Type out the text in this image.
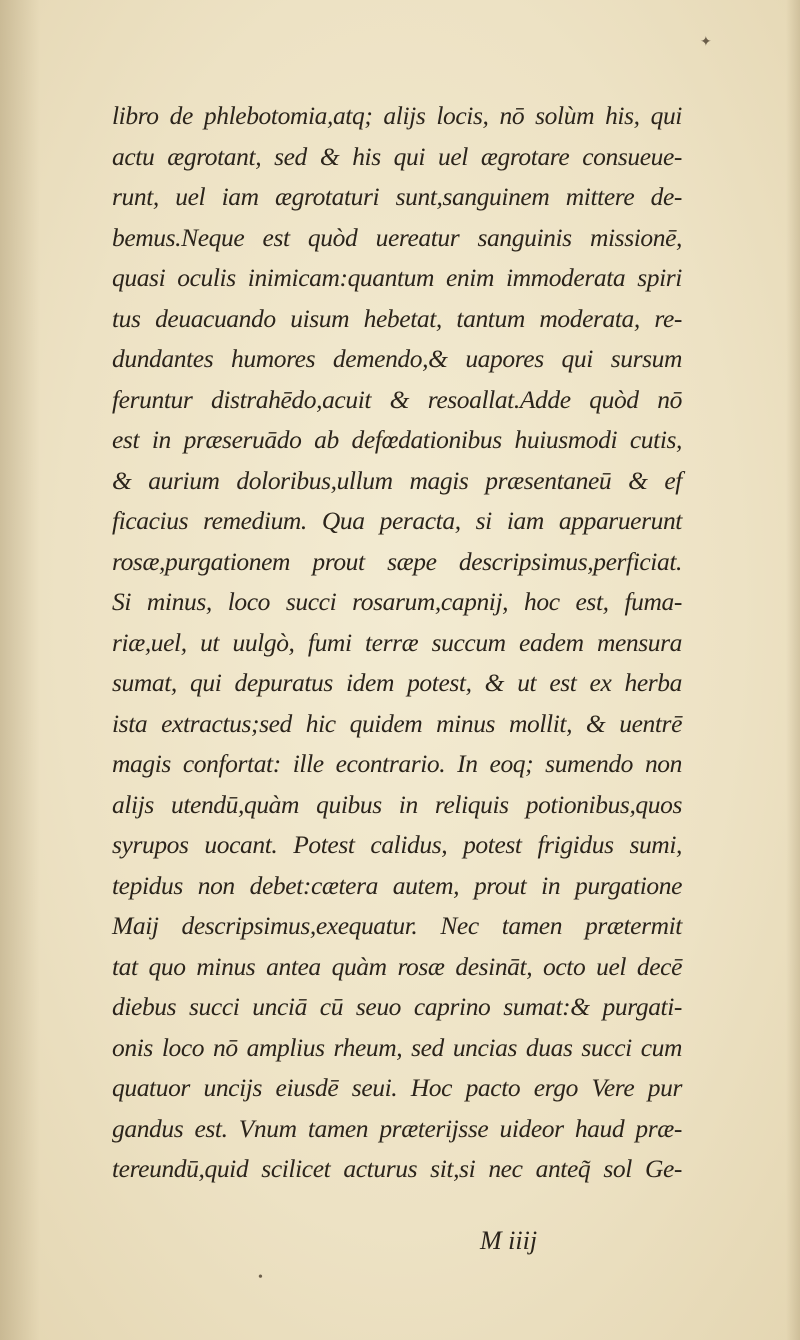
✦
•
libro de phlebotomia,atq; alijs locis, nō solùm his, qui
actu ægrotant, sed & his qui uel ægrotare consueue-
runt, uel iam ægrotaturi sunt,sanguinem mittere de-
bemus.Neque est quòd uereatur sanguinis missionē,
quasi oculis inimicam:quantum enim immoderata spiri
tus deuacuando uisum hebetat, tantum moderata, re-
dundantes humores demendo,& uapores qui sursum
feruntur distrahēdo,acuit & resoallat.Adde quòd nō
est in præseruādo ab defœdationibus huiusmodi cutis,
& aurium doloribus,ullum magis præsentaneū & ef
ficacius remedium. Qua peracta, si iam apparuerunt
rosæ,purgationem prout sæpe descripsimus,perficiat.
Si minus, loco succi rosarum,capnij, hoc est, fuma-
riæ,uel, ut uulgò, fumi terræ succum eadem mensura
sumat, qui depuratus idem potest, & ut est ex herba
ista extractus;sed hic quidem minus mollit, & uentrē
magis confortat: ille econtrario. In eoq; sumendo non
alijs utendū,quàm quibus in reliquis potionibus,quos
syrupos uocant. Potest calidus, potest frigidus sumi,
tepidus non debet:cætera autem, prout in purgatione
Maij descripsimus,exequatur. Nec tamen prætermit
tat quo minus antea quàm rosæ desināt, octo uel decē
diebus succi unciā cū seuo caprino sumat:& purgati-
onis loco nō amplius rheum, sed uncias duas succi cum
quatuor uncijs eiusdē seui. Hoc pacto ergo Vere pur
gandus est. Vnum tamen præterijsse uideor haud præ-
tereundū,quid scilicet acturus sit,si nec anteq̃ sol Ge-
M iiij
